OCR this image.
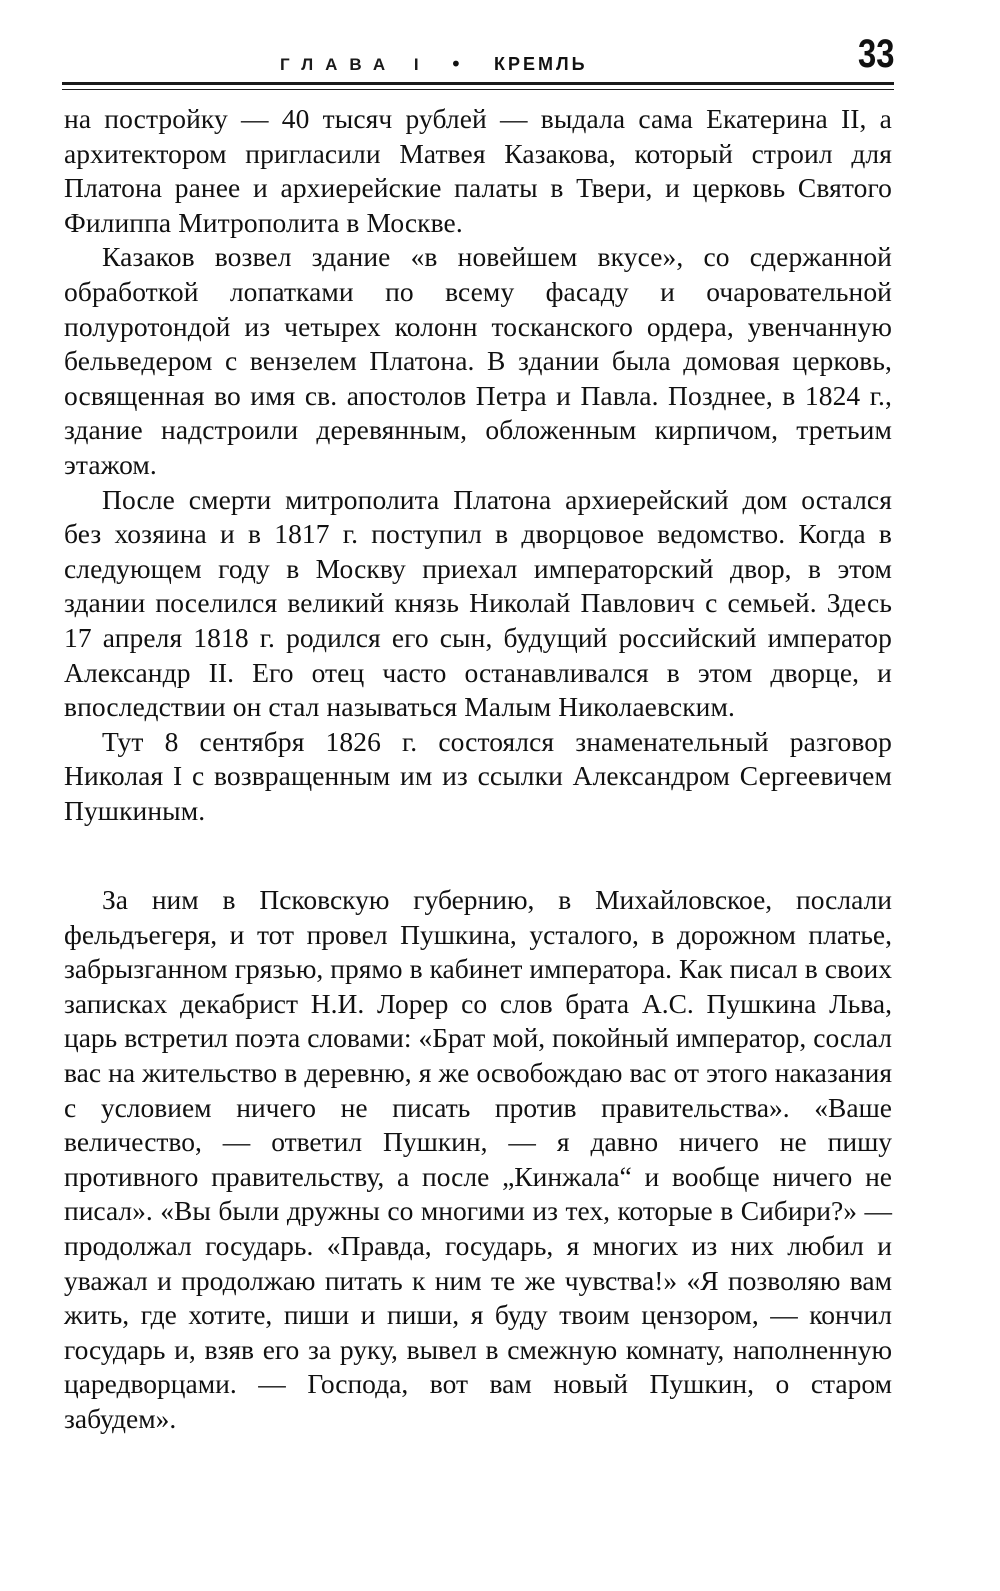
ГЛАВА I • КРЕМЛЬ	33

на постройку — 40 тысяч рублей — выдала сама Екатерина II, а архитектором пригласили Матвея Казакова, который строил для Платона ранее и архиерейские палаты в Твери, и церковь Святого Филиппа Митрополита в Москве.

Казаков возвел здание «в новейшем вкусе», со сдержанной обработкой лопатками по всему фасаду и очаровательной полуротондой из четырех колонн тосканского ордера, увенчанную бельведером с вензелем Платона. В здании была домовая церковь, освященная во имя св. апостолов Петра и Павла. Позднее, в 1824 г., здание надстроили деревянным, обложенным кирпичом, третьим этажом.

После смерти митрополита Платона архиерейский дом остался без хозяина и в 1817 г. поступил в дворцовое ведомство. Когда в следующем году в Москву приехал императорский двор, в этом здании поселился великий князь Николай Павлович с семьей. Здесь 17 апреля 1818 г. родился его сын, будущий российский император Александр II. Его отец часто останавливался в этом дворце, и впоследствии он стал называться Малым Николаевским.

Тут 8 сентября 1826 г. состоялся знаменательный разговор Николая I с возвращенным им из ссылки Александром Сергеевичем Пушкиным.

За ним в Псковскую губернию, в Михайловское, послали фельдъегеря, и тот провел Пушкина, усталого, в дорожном платье, забрызганном грязью, прямо в кабинет императора. Как писал в своих записках декабрист Н.И. Лорер со слов брата А.С. Пушкина Льва, царь встретил поэта словами: «Брат мой, покойный император, сослал вас на жительство в деревню, я же освобождаю вас от этого наказания с условием ничего не писать против правительства». «Ваше величество, — ответил Пушкин, — я давно ничего не пишу противного правительству, а после „Кинжала“ и вообще ничего не писал». «Вы были дружны со многими из тех, которые в Сибири?» — продолжал государь. «Правда, государь, я многих из них любил и уважал и продолжаю питать к ним те же чувства!» «Я позволяю вам жить, где хотите, пиши и пиши, я буду твоим цензором, — кончил государь и, взяв его за руку, вывел в смежную комнату, наполненную царедворцами. — Господа, вот вам новый Пушкин, о старом забудем».
